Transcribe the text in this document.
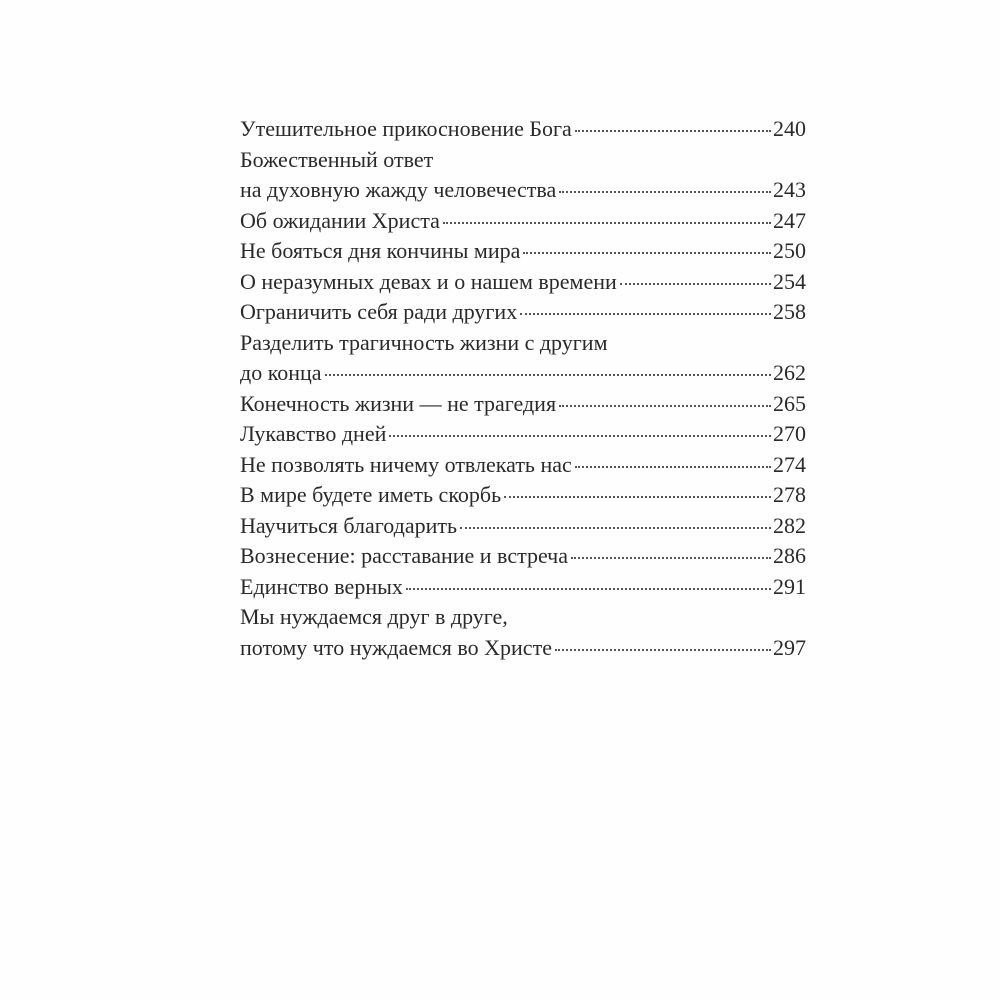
Утешительное прикосновение Бога	240
Божественный ответ
на духовную жажду человечества	243
Об ожидании Христа	247
Не бояться дня кончины мира	250
О неразумных девах и о нашем времени	254
Ограничить себя ради других	258
Разделить трагичность жизни с другим
до конца	262
Конечность жизни — не трагедия	265
Лукавство дней	270
Не позволять ничему отвлекать нас	274
В мире будете иметь скорбь	278
Научиться благодарить	282
Вознесение: расставание и встреча	286
Единство верных	291
Мы нуждаемся друг в друге,
потому что нуждаемся во Христе	297
